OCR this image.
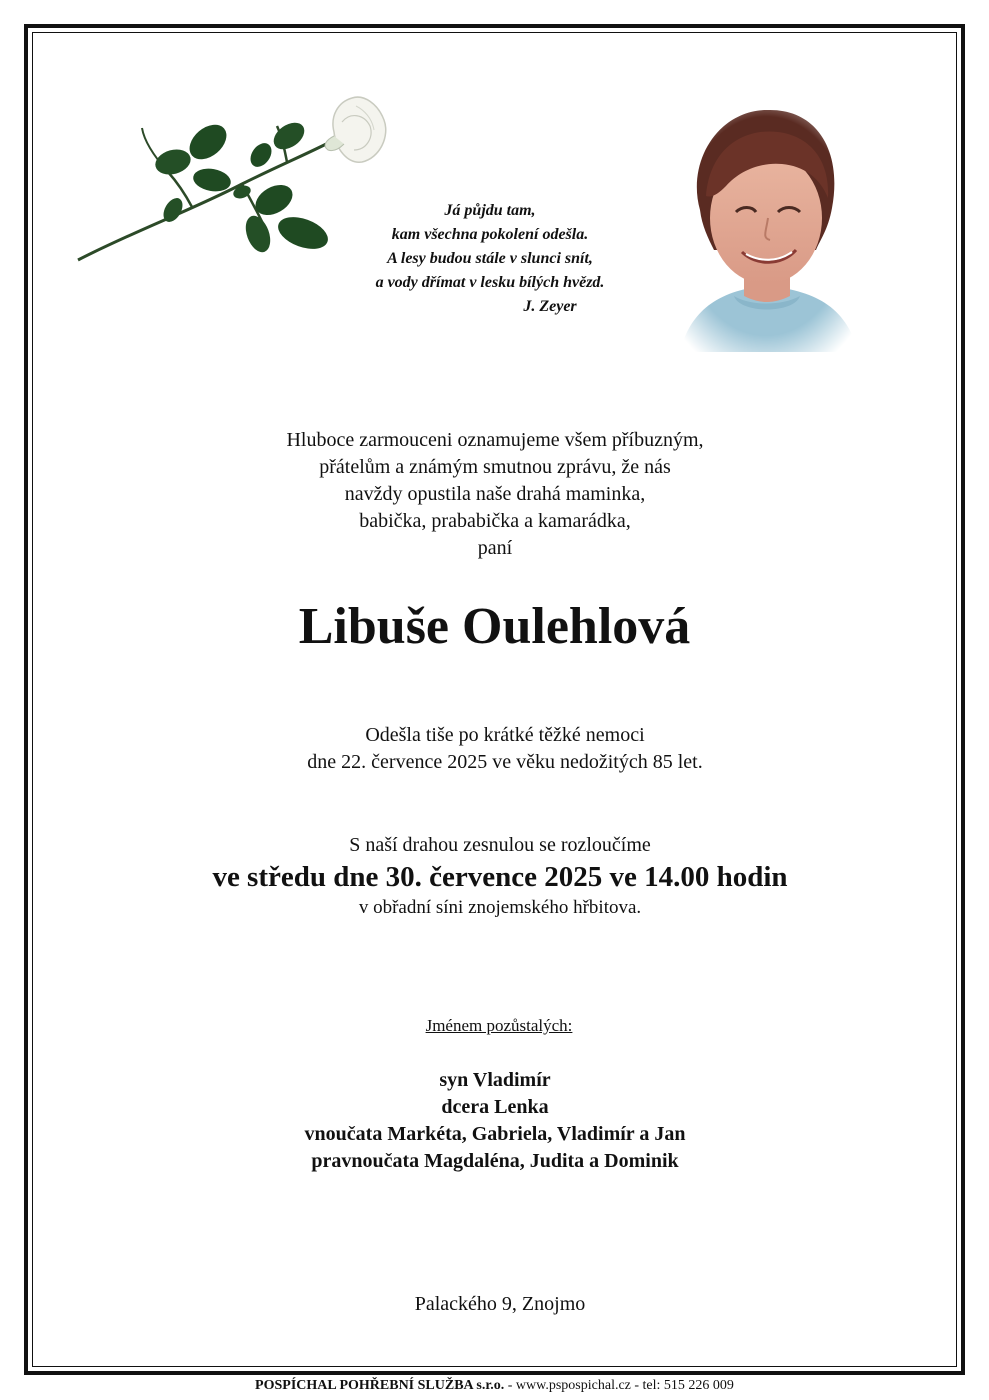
Já půjdu tam,
kam všechna pokolení odešla.
A lesy budou stále v slunci snít,
a vody dřímat v lesku bílých hvězd.
J. Zeyer
Hluboce zarmouceni oznamujeme všem příbuzným,
přátelům a známým smutnou zprávu, že nás
navždy opustila naše drahá maminka,
babička, prababička a kamarádka,
paní
Libuše Oulehlová
Odešla tiše po krátké těžké nemoci
dne 22. července 2025 ve věku nedožitých 85 let.
S naší drahou zesnulou se rozloučíme
ve středu dne 30. července 2025 ve 14.00 hodin
v obřadní síni znojemského hřbitova.
Jménem pozůstalých:
syn Vladimír
dcera Lenka
vnoučata Markéta, Gabriela, Vladimír a Jan
pravnoučata Magdaléna, Judita a Dominik
Palackého 9, Znojmo
POSPÍCHAL POHŘEBNÍ SLUŽBA s.r.o. - www.pspospichal.cz - tel: 515 226 009
